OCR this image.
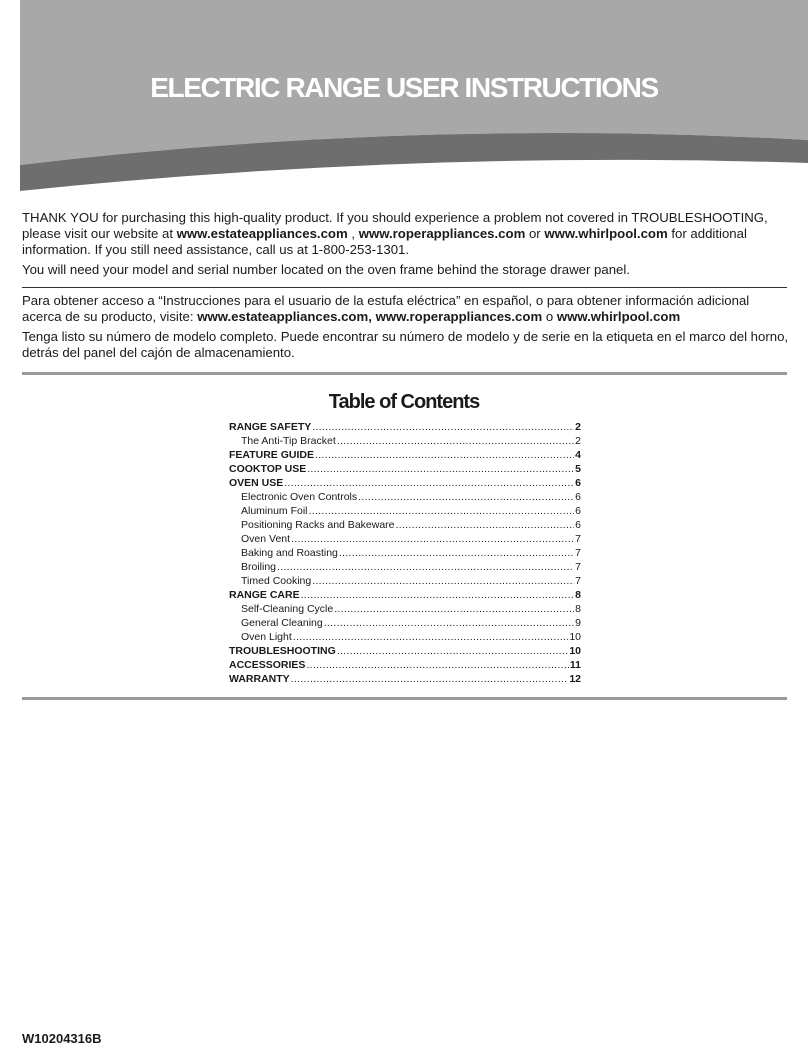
ELECTRIC RANGE USER INSTRUCTIONS

THANK YOU for purchasing this high-quality product. If you should experience a problem not covered in TROUBLESHOOTING, please visit our website at www.estateappliances.com , www.roperappliances.com or www.whirlpool.com for additional information. If you still need assistance, call us at 1-800-253-1301.

You will need your model and serial number located on the oven frame behind the storage drawer panel.

Para obtener acceso a “Instrucciones para el usuario de la estufa eléctrica” en español, o para obtener información adicional acerca de su producto, visite: www.estateappliances.com, www.roperappliances.com o www.whirlpool.com

Tenga listo su número de modelo completo. Puede encontrar su número de modelo y de serie en la etiqueta en el marco del horno, detrás del panel del cajón de almacenamiento.

Table of Contents
RANGE SAFETY .....	2
The Anti-Tip Bracket .....	2
FEATURE GUIDE .....	4
COOKTOP USE .....	5
OVEN USE .....	6
Electronic Oven Controls .....	6
Aluminum Foil .....	6
Positioning Racks and Bakeware .....	6
Oven Vent .....	7
Baking and Roasting .....	7
Broiling .....	7
Timed Cooking .....	7
RANGE CARE .....	8
Self-Cleaning Cycle .....	8
General Cleaning .....	9
Oven Light .....	10
TROUBLESHOOTING .....	10
ACCESSORIES .....	11
WARRANTY .....	12

W10204316B
